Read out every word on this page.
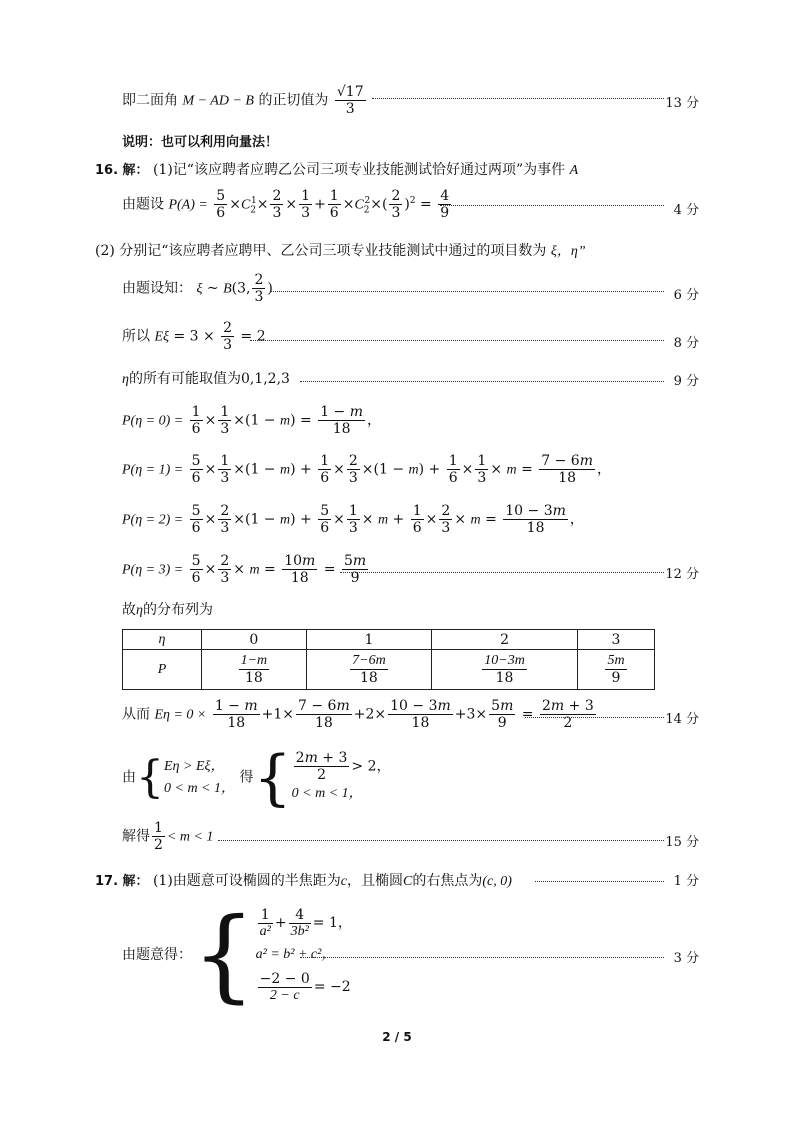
即二面角 M − AD − B 的正切值为 $\frac{√17}{3}$	13 分
说明：也可以利用向量法！
16. 解： (1)记“该应聘者应聘乙公司三项专业技能测试恰好通过两项”为事件 A
由题设 $P(A) = \frac{5}{6} \times C_2^1\times \frac{2}{3} \times \frac{1}{3} + \frac{1}{6} \times C_2^2\times( \frac{2}{3} )^2 = \frac{4}{9}$	4 分
(2) 分别记“该应聘者应聘甲、乙公司三项专业技能测试中通过的项目数为 ξ，η”
由题设知： ξ ~ B(3, $\frac{2}{3}$ )	6 分
所以 $E\xi = 3 \times \frac{2}{3} = 2$	8 分
η的所有可能取值为0,1,2,3	9 分
$P(\eta = 0) = \frac{1}{6} \times \frac{1}{3} \times(1 - m) = \frac{1 - m}{18}$ ，
$P(\eta = 1) = \frac{5}{6} \times \frac{1}{3} \times(1 - m) + \frac{1}{6} \times \frac{2}{3} \times(1 - m) + \frac{1}{6} \times \frac{1}{3} \times m = \frac{7 - 6m}{18}$ ，
$P(\eta = 2) = \frac{5}{6} \times \frac{2}{3} \times(1 - m) + \frac{5}{6} \times \frac{1}{3} \times m + \frac{1}{6} \times \frac{2}{3} \times m = \frac{10 - 3m}{18}$ ，
$P(\eta = 3) = \frac{5}{6} \times \frac{2}{3} \times m = \frac{10m}{18} = \frac{5m}{9}$	12 分
故η的分布列为
η	0	1	2	3
P	$\frac{1-m}{18}$	$\frac{7-6m}{18}$	$\frac{10-3m}{18}$	$\frac{5m}{9}$
从而 $E\eta = 0 \times \frac{1 - m}{18} +1\times \frac{7 - 6m}{18} +2\times \frac{10 - 3m}{18} +3\times \frac{5m}{9} = \frac{2m + 3}{2}$	14 分
由{ Eη > Eξ，
0 < m < 1，
得{ $\frac{2m + 3}{2} > 2$，
0 < m < 1，
解得 $\frac{1}{2} < m < 1$	15 分
17. 解： (1)由题意可设椭圆的半焦距为c，且椭圆C的右焦点为(c, 0)	1 分
由题意得：{ $\frac{1}{\text{a²}} + \frac{4}{\text{3b²}} = 1$，
a² = b² + c²，
$\frac{-2 - 0}{2 - c} = -2$
3 分
2 / 5
